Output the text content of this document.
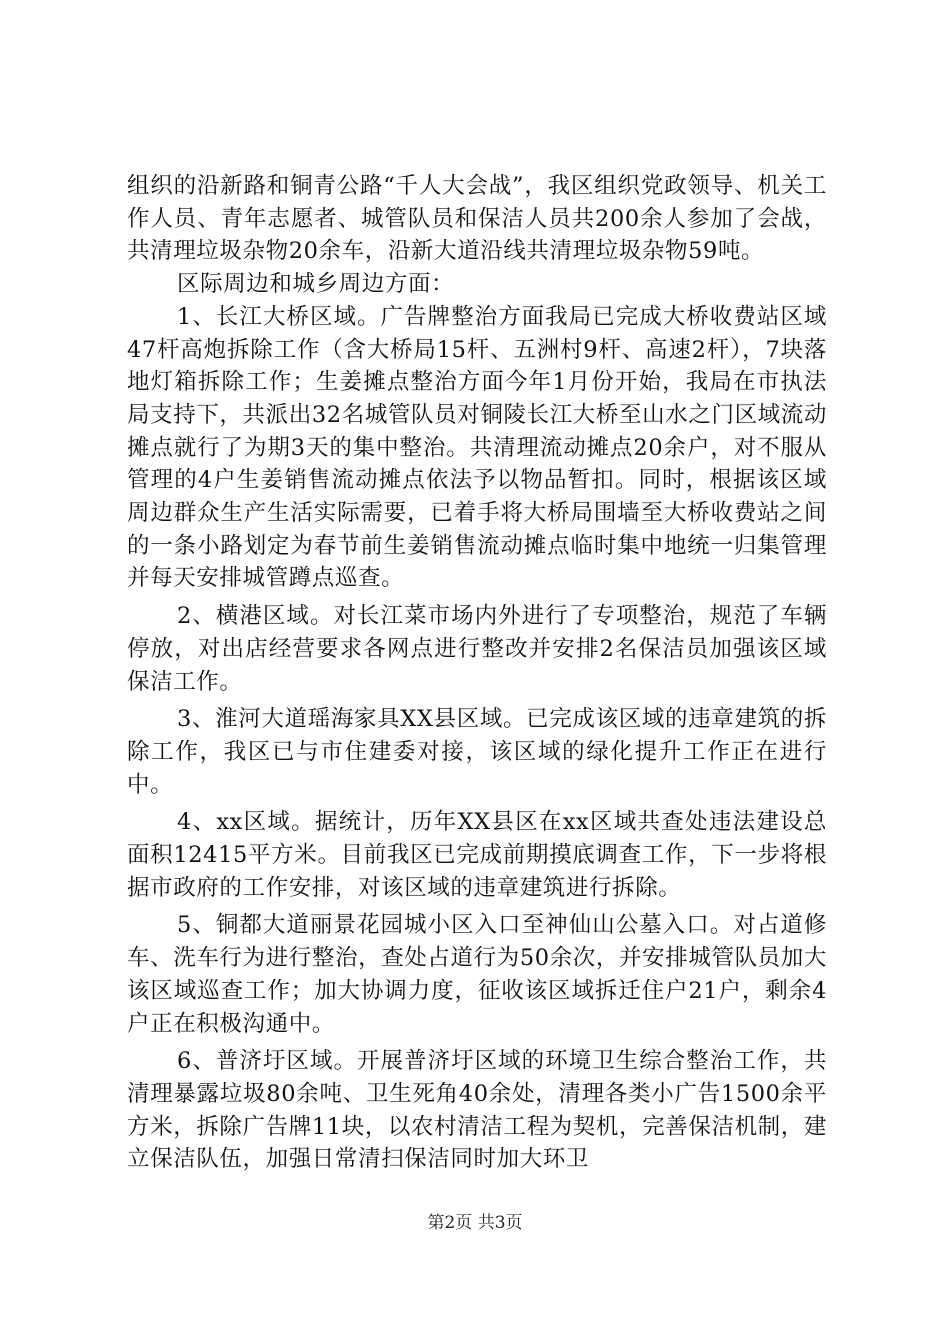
组织的沿新路和铜青公路“千人大会战”，我区组织党政领导、机关工作人员、青年志愿者、城管队员和保洁人员共200余人参加了会战，共清理垃圾杂物20余车，沿新大道沿线共清理垃圾杂物59吨。

区际周边和城乡周边方面：

1、长江大桥区域。广告牌整治方面我局已完成大桥收费站区域47杆高炮拆除工作（含大桥局15杆、五洲村9杆、高速2杆），7块落地灯箱拆除工作；生姜摊点整治方面今年1月份开始，我局在市执法局支持下，共派出32名城管队员对铜陵长江大桥至山水之门区域流动摊点就行了为期3天的集中整治。共清理流动摊点20余户，对不服从管理的4户生姜销售流动摊点依法予以物品暂扣。同时，根据该区域周边群众生产生活实际需要，已着手将大桥局围墙至大桥收费站之间的一条小路划定为春节前生姜销售流动摊点临时集中地统一归集管理并每天安排城管蹲点巡查。

2、横港区域。对长江菜市场内外进行了专项整治，规范了车辆停放，对出店经营要求各网点进行整改并安排2名保洁员加强该区域保洁工作。

3、淮河大道瑶海家具XX县区域。已完成该区域的违章建筑的拆除工作，我区已与市住建委对接，该区域的绿化提升工作正在进行中。

4、xx区域。据统计，历年XX县区在xx区域共查处违法建设总面积12415平方米。目前我区已完成前期摸底调查工作，下一步将根据市政府的工作安排，对该区域的违章建筑进行拆除。

5、铜都大道丽景花园城小区入口至神仙山公墓入口。对占道修车、洗车行为进行整治，查处占道行为50余次，并安排城管队员加大该区域巡查工作；加大协调力度，征收该区域拆迁住户21户，剩余4户正在积极沟通中。

6、普济圩区域。开展普济圩区域的环境卫生综合整治工作，共清理暴露垃圾80余吨、卫生死角40余处，清理各类小广告1500余平方米，拆除广告牌11块，以农村清洁工程为契机，完善保洁机制，建立保洁队伍，加强日常清扫保洁同时加大环卫

第2页 共3页
